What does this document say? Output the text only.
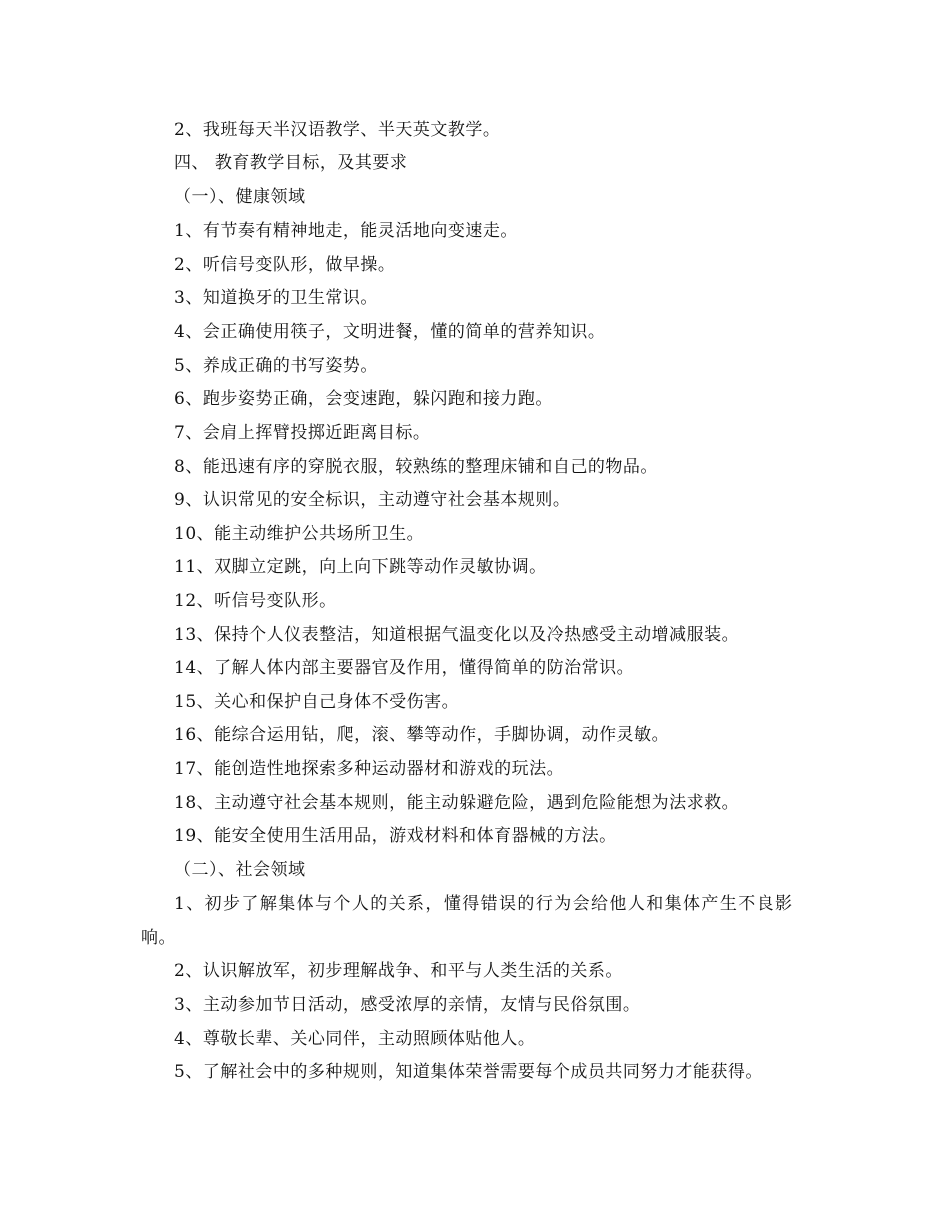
2、我班每天半汉语教学、半天英文教学。
四、 教育教学目标，及其要求
（一）、健康领域
1、有节奏有精神地走，能灵活地向变速走。
2、听信号变队形，做早操。
3、知道换牙的卫生常识。
4、会正确使用筷子，文明进餐，懂的简单的营养知识。
5、养成正确的书写姿势。
6、跑步姿势正确，会变速跑，躲闪跑和接力跑。
7、会肩上挥臂投掷近距离目标。
8、能迅速有序的穿脱衣服，较熟练的整理床铺和自己的物品。
9、认识常见的安全标识，主动遵守社会基本规则。
10、能主动维护公共场所卫生。
11、双脚立定跳，向上向下跳等动作灵敏协调。
12、听信号变队形。
13、保持个人仪表整洁，知道根据气温变化以及冷热感受主动增减服装。
14、了解人体内部主要器官及作用，懂得简单的防治常识。
15、关心和保护自己身体不受伤害。
16、能综合运用钻，爬，滚、攀等动作，手脚协调，动作灵敏。
17、能创造性地探索多种运动器材和游戏的玩法。
18、主动遵守社会基本规则，能主动躲避危险，遇到危险能想为法求救。
19、能安全使用生活用品，游戏材料和体育器械的方法。
（二）、社会领域
1、初步了解集体与个人的关系，懂得错误的行为会给他人和集体产生不良影
响。
2、认识解放军，初步理解战争、和平与人类生活的关系。
3、主动参加节日活动，感受浓厚的亲情，友情与民俗氛围。
4、尊敬长辈、关心同伴，主动照顾体贴他人。
5、了解社会中的多种规则，知道集体荣誉需要每个成员共同努力才能获得。
